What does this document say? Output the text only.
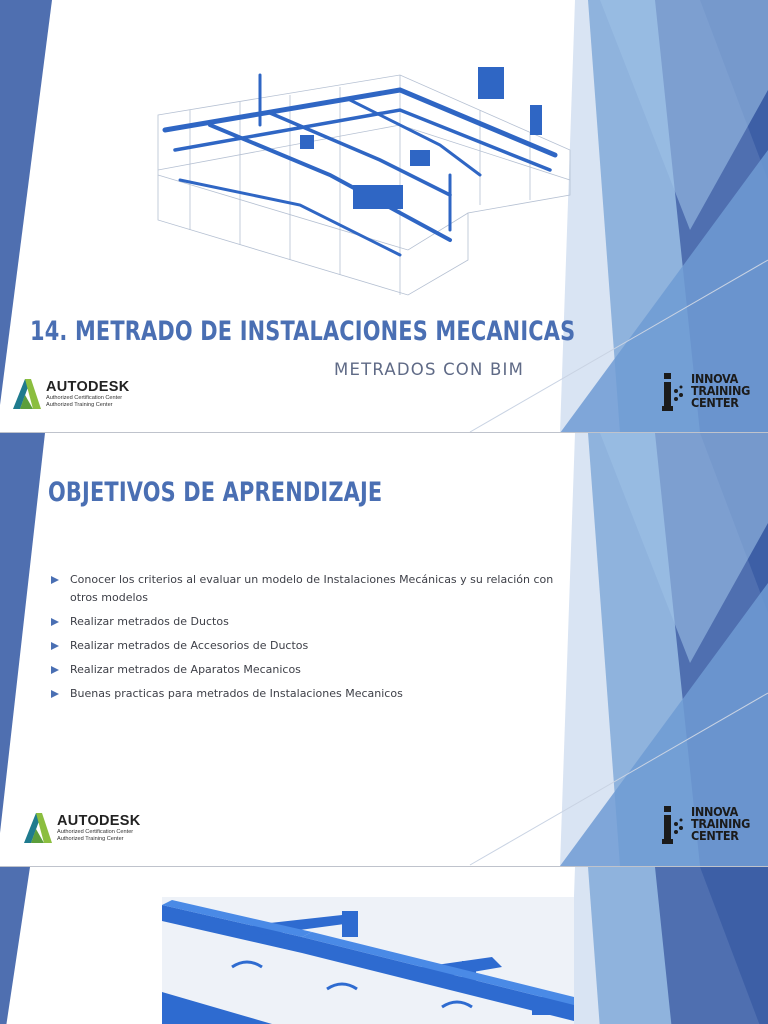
14. METRADO DE INSTALACIONES MECANICAS
METRADOS CON BIM
AUTODESK
Authorized Certification Center
Authorized Training Center
INNOVA
TRAINING
CENTER
OBJETIVOS DE APRENDIZAJE
Conocer los criterios al evaluar un modelo de Instalaciones Mecánicas y su relación con otros modelos
Realizar metrados de Ductos
Realizar metrados de Accesorios de Ductos
Realizar metrados de Aparatos Mecanicos
Buenas practicas para metrados de Instalaciones Mecanicos
AUTODESK
Authorized Certification Center
Authorized Training Center
INNOVA
TRAINING
CENTER
